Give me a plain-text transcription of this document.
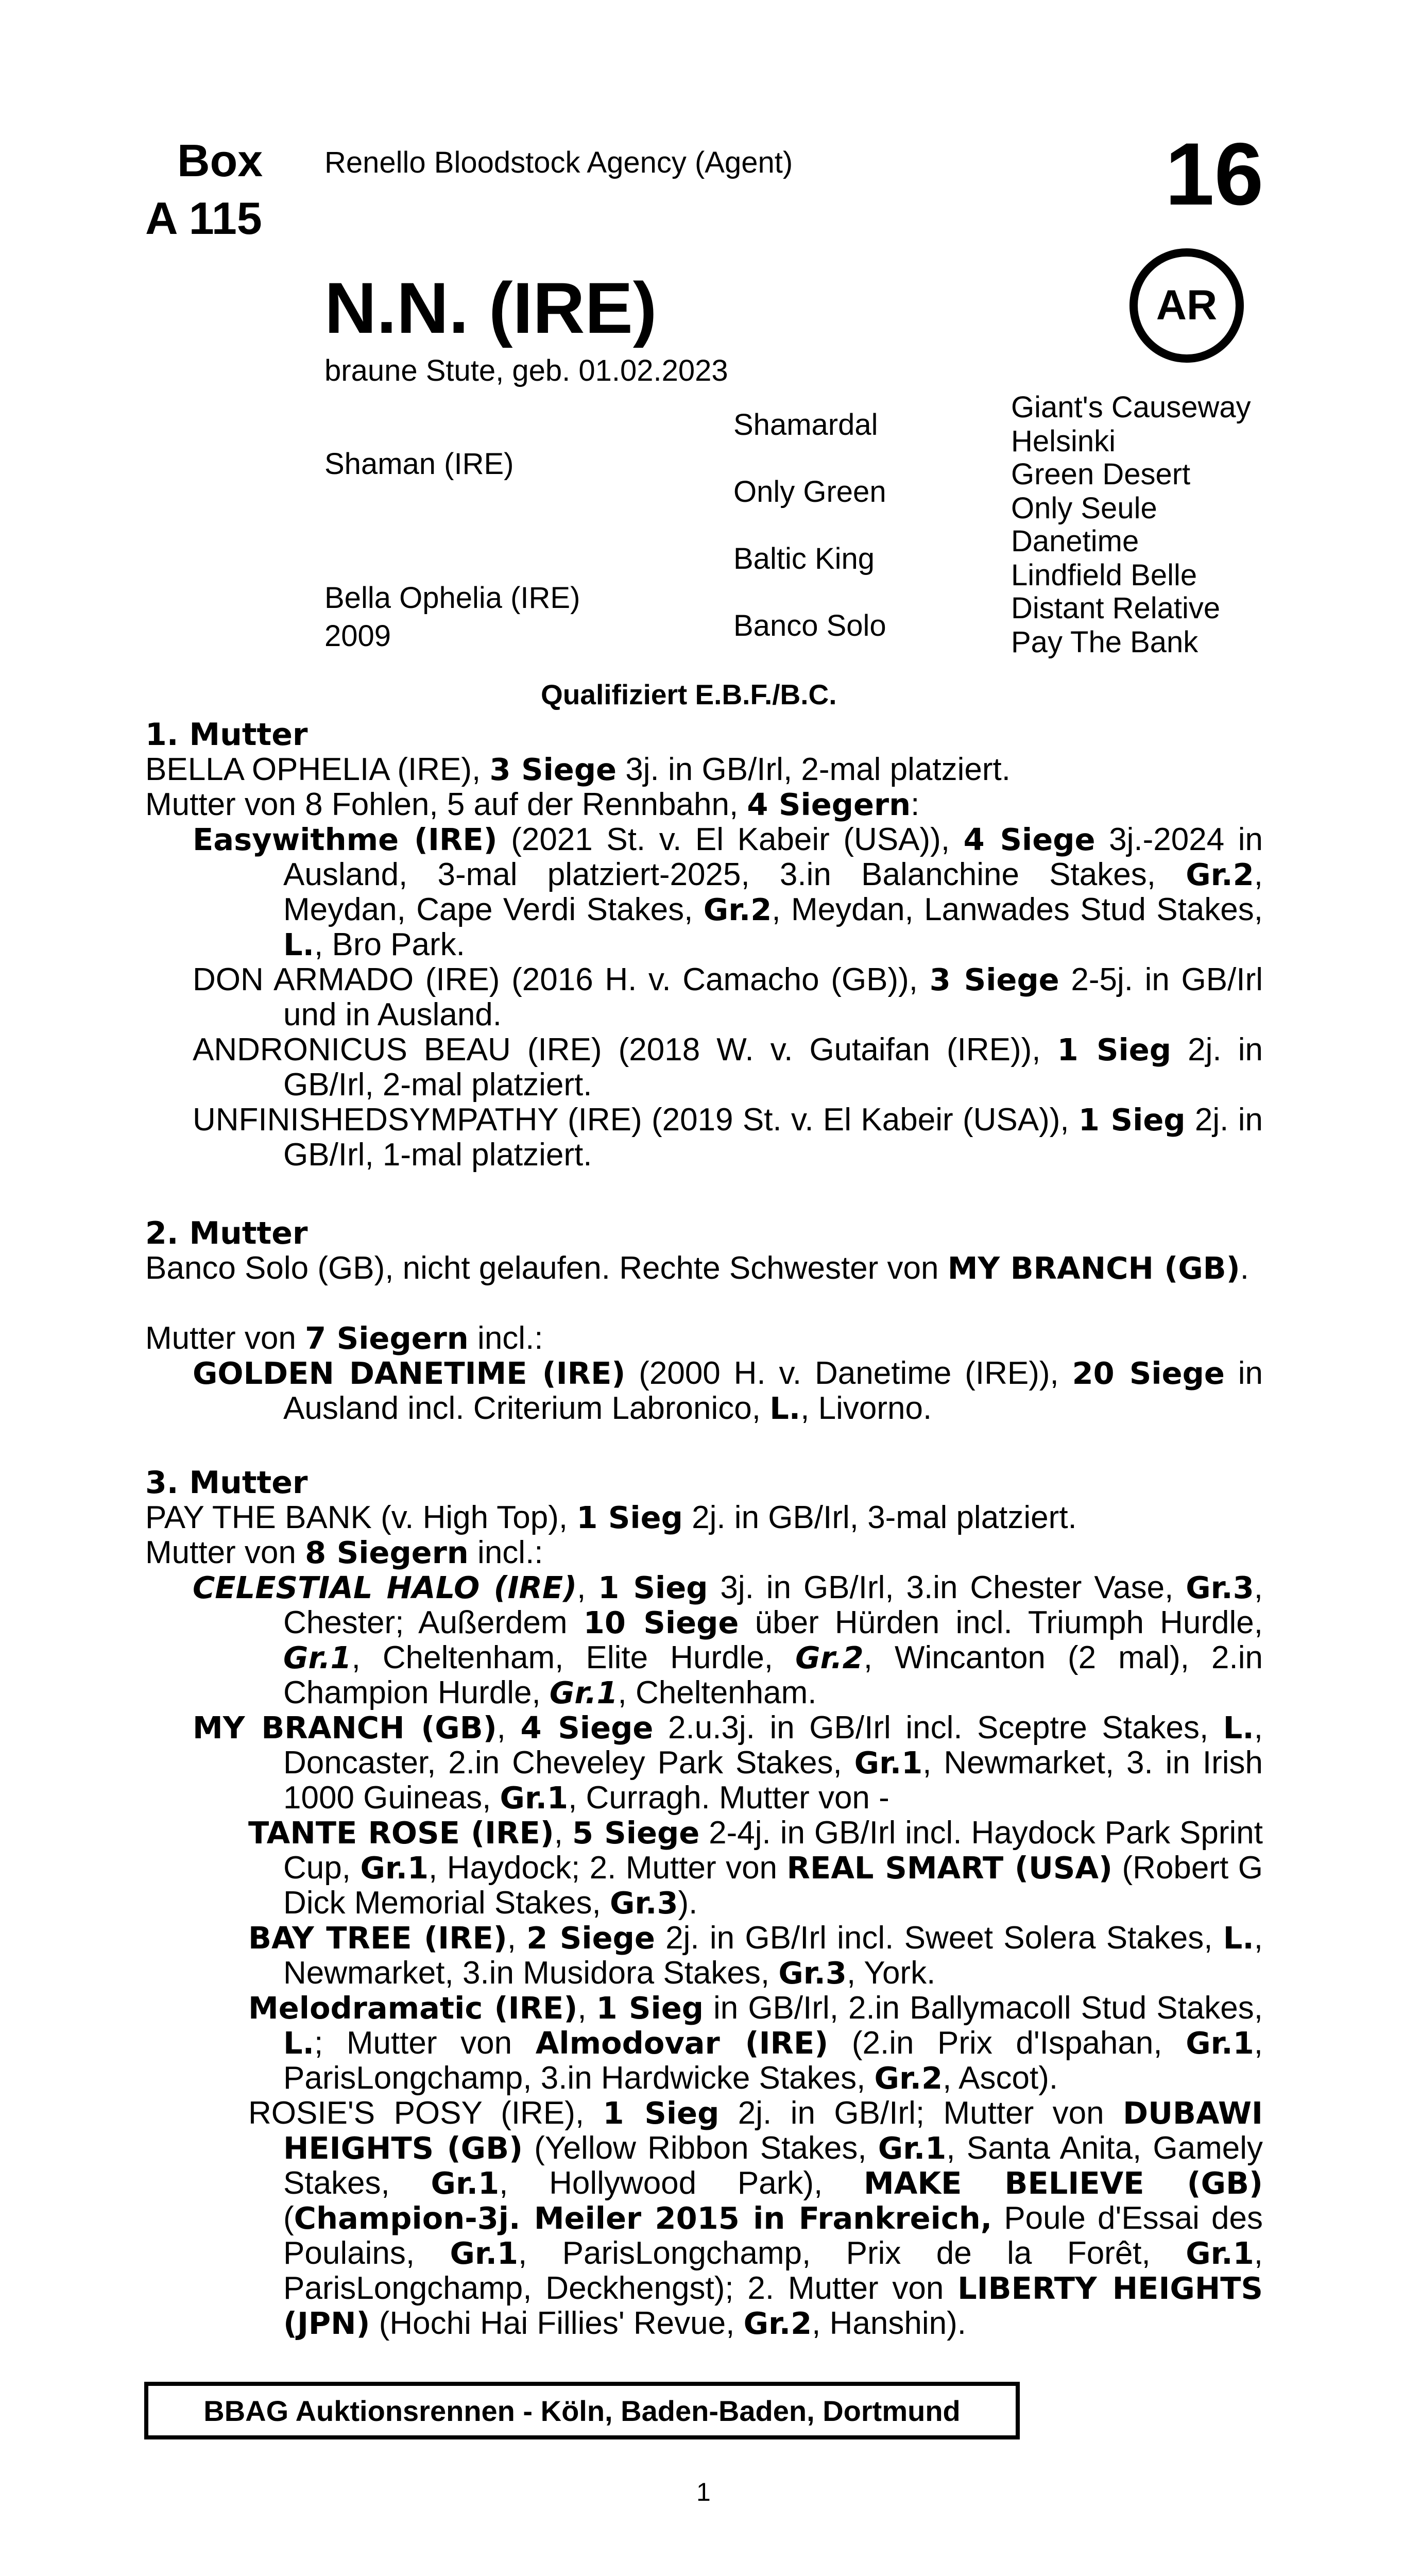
Box
A 115
Renello Bloodstock Agency (Agent)	16
AR
N.N. (IRE)
braune Stute, geb. 01.02.2023
Shaman (IRE)
Bella Ophelia (IRE)
2009
Shamardal
Only Green
Baltic King
Banco Solo
Giant's Causeway
Helsinki
Green Desert
Only Seule
Danetime
Lindfield Belle
Distant Relative
Pay The Bank
Qualifiziert E.B.F./B.C.
1. Mutter
BELLA OPHELIA (IRE), 3 Siege 3j. in GB/Irl, 2-mal platziert.
Mutter von 8 Fohlen, 5 auf der Rennbahn, 4 Siegern:
Easywithme (IRE) (2021 St. v. El Kabeir (USA)), 4 Siege 3j.-2024 in Ausland, 3-mal platziert-2025, 3.in Balanchine Stakes, Gr.2, Meydan, Cape Verdi Stakes, Gr.2, Meydan, Lanwades Stud Stakes, L., Bro Park.
DON ARMADO (IRE) (2016 H. v. Camacho (GB)), 3 Siege 2-5j. in GB/Irl und in Ausland.
ANDRONICUS BEAU (IRE) (2018 W. v. Gutaifan (IRE)), 1 Sieg 2j. in GB/Irl, 2-mal platziert.
UNFINISHEDSYMPATHY (IRE) (2019 St. v. El Kabeir (USA)), 1 Sieg 2j. in GB/Irl, 1-mal platziert.
2. Mutter
Banco Solo (GB), nicht gelaufen. Rechte Schwester von MY BRANCH (GB).
Mutter von 7 Siegern incl.:
GOLDEN DANETIME (IRE) (2000 H. v. Danetime (IRE)), 20 Siege in Ausland incl. Criterium Labronico, L., Livorno.
3. Mutter
PAY THE BANK (v. High Top), 1 Sieg 2j. in GB/Irl, 3-mal platziert.
Mutter von 8 Siegern incl.:
CELESTIAL HALO (IRE), 1 Sieg 3j. in GB/Irl, 3.in Chester Vase, Gr.3, Chester; Außerdem 10 Siege über Hürden incl. Triumph Hurdle, Gr.1, Cheltenham, Elite Hurdle, Gr.2, Wincanton (2 mal), 2.in Champion Hurdle, Gr.1, Cheltenham.
MY BRANCH (GB), 4 Siege 2.u.3j. in GB/Irl incl. Sceptre Stakes, L., Doncaster, 2.in Cheveley Park Stakes, Gr.1, Newmarket, 3. in Irish 1000 Guineas, Gr.1, Curragh. Mutter von -
TANTE ROSE (IRE), 5 Siege 2-4j. in GB/Irl incl. Haydock Park Sprint Cup, Gr.1, Haydock; 2. Mutter von REAL SMART (USA) (Robert G Dick Memorial Stakes, Gr.3).
BAY TREE (IRE), 2 Siege 2j. in GB/Irl incl. Sweet Solera Stakes, L., Newmarket, 3.in Musidora Stakes, Gr.3, York.
Melodramatic (IRE), 1 Sieg in GB/Irl, 2.in Ballymacoll Stud Stakes, L.; Mutter von Almodovar (IRE) (2.in Prix d'Ispahan, Gr.1, ParisLongchamp, 3.in Hardwicke Stakes, Gr.2, Ascot).
ROSIE'S POSY (IRE), 1 Sieg 2j. in GB/Irl; Mutter von DUBAWI HEIGHTS (GB) (Yellow Ribbon Stakes, Gr.1, Santa Anita, Gamely Stakes, Gr.1, Hollywood Park), MAKE BELIEVE (GB) (Champion-3j. Meiler 2015 in Frankreich, Poule d'Essai des Poulains, Gr.1, ParisLongchamp, Prix de la Forêt, Gr.1, ParisLongchamp, Deckhengst); 2. Mutter von LIBERTY HEIGHTS (JPN) (Hochi Hai Fillies' Revue, Gr.2, Hanshin).
BBAG Auktionsrennen - Köln, Baden-Baden, Dortmund
1
